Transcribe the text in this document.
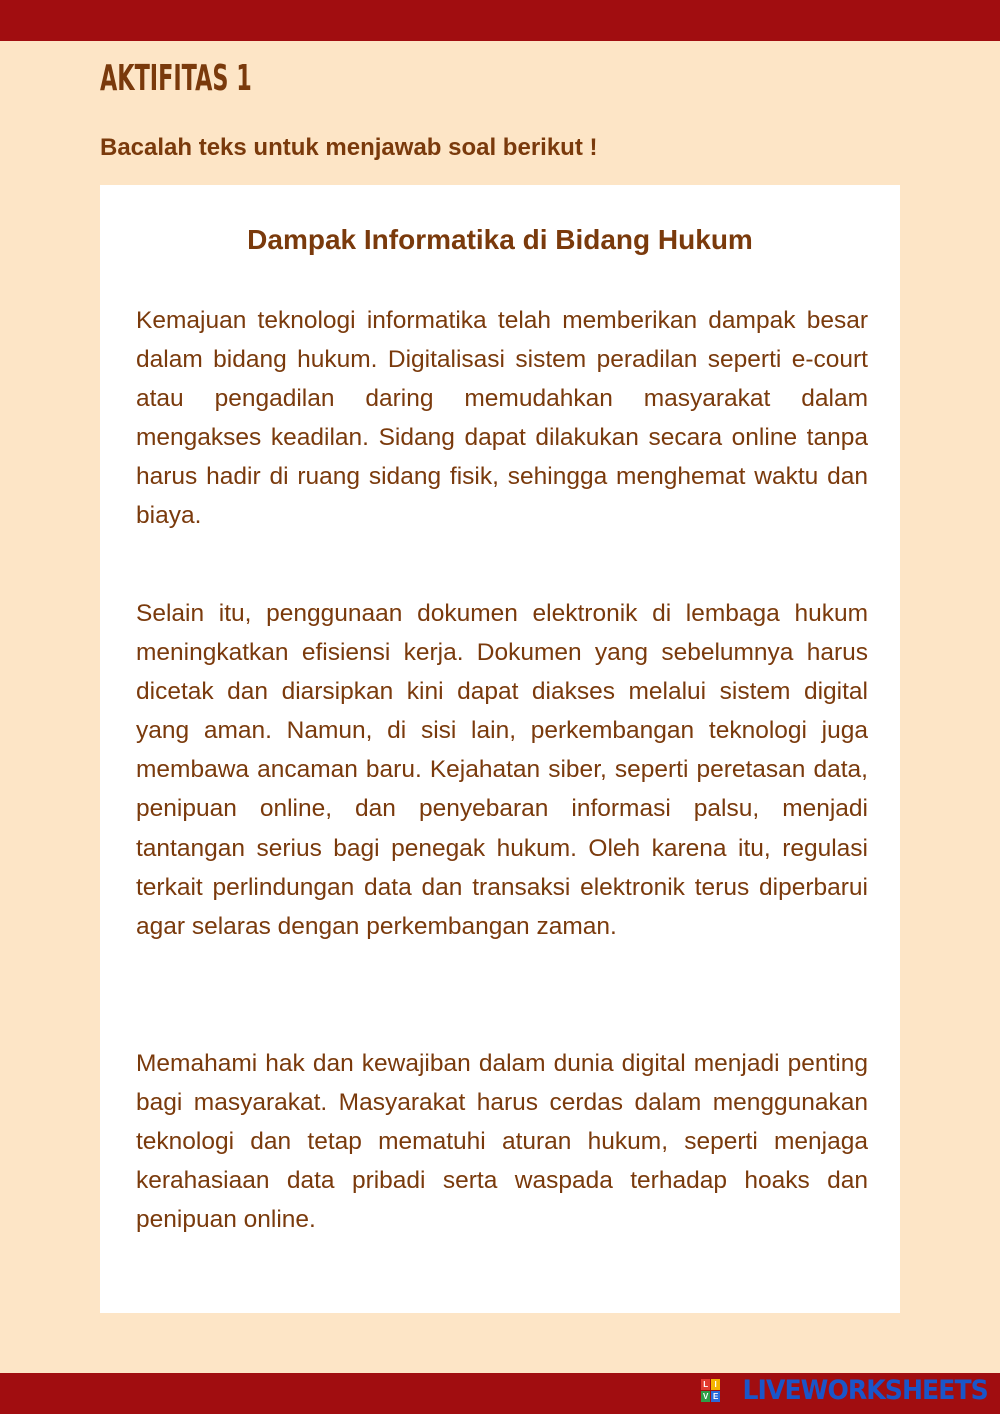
AKTIFITAS 1
Bacalah teks untuk menjawab soal berikut !
Dampak Informatika di Bidang Hukum

Kemajuan teknologi informatika telah memberikan dampak besar dalam bidang hukum. Digitalisasi sistem peradilan seperti e-court atau pengadilan daring memudahkan masyarakat dalam mengakses keadilan. Sidang dapat dilakukan secara online tanpa harus hadir di ruang sidang fisik, sehingga menghemat waktu dan biaya.

Selain itu, penggunaan dokumen elektronik di lembaga hukum meningkatkan efisiensi kerja. Dokumen yang sebelumnya harus dicetak dan diarsipkan kini dapat diakses melalui sistem digital yang aman. Namun, di sisi lain, perkembangan teknologi juga membawa ancaman baru. Kejahatan siber, seperti peretasan data, penipuan online, dan penyebaran informasi palsu, menjadi tantangan serius bagi penegak hukum. Oleh karena itu, regulasi terkait perlindungan data dan transaksi elektronik terus diperbarui agar selaras dengan perkembangan zaman.

Memahami hak dan kewajiban dalam dunia digital menjadi penting bagi masyarakat. Masyarakat harus cerdas dalam menggunakan teknologi dan tetap mematuhi aturan hukum, seperti menjaga kerahasiaan data pribadi serta waspada terhadap hoaks dan penipuan online.

L I
V E LIVEWORKSHEETS
